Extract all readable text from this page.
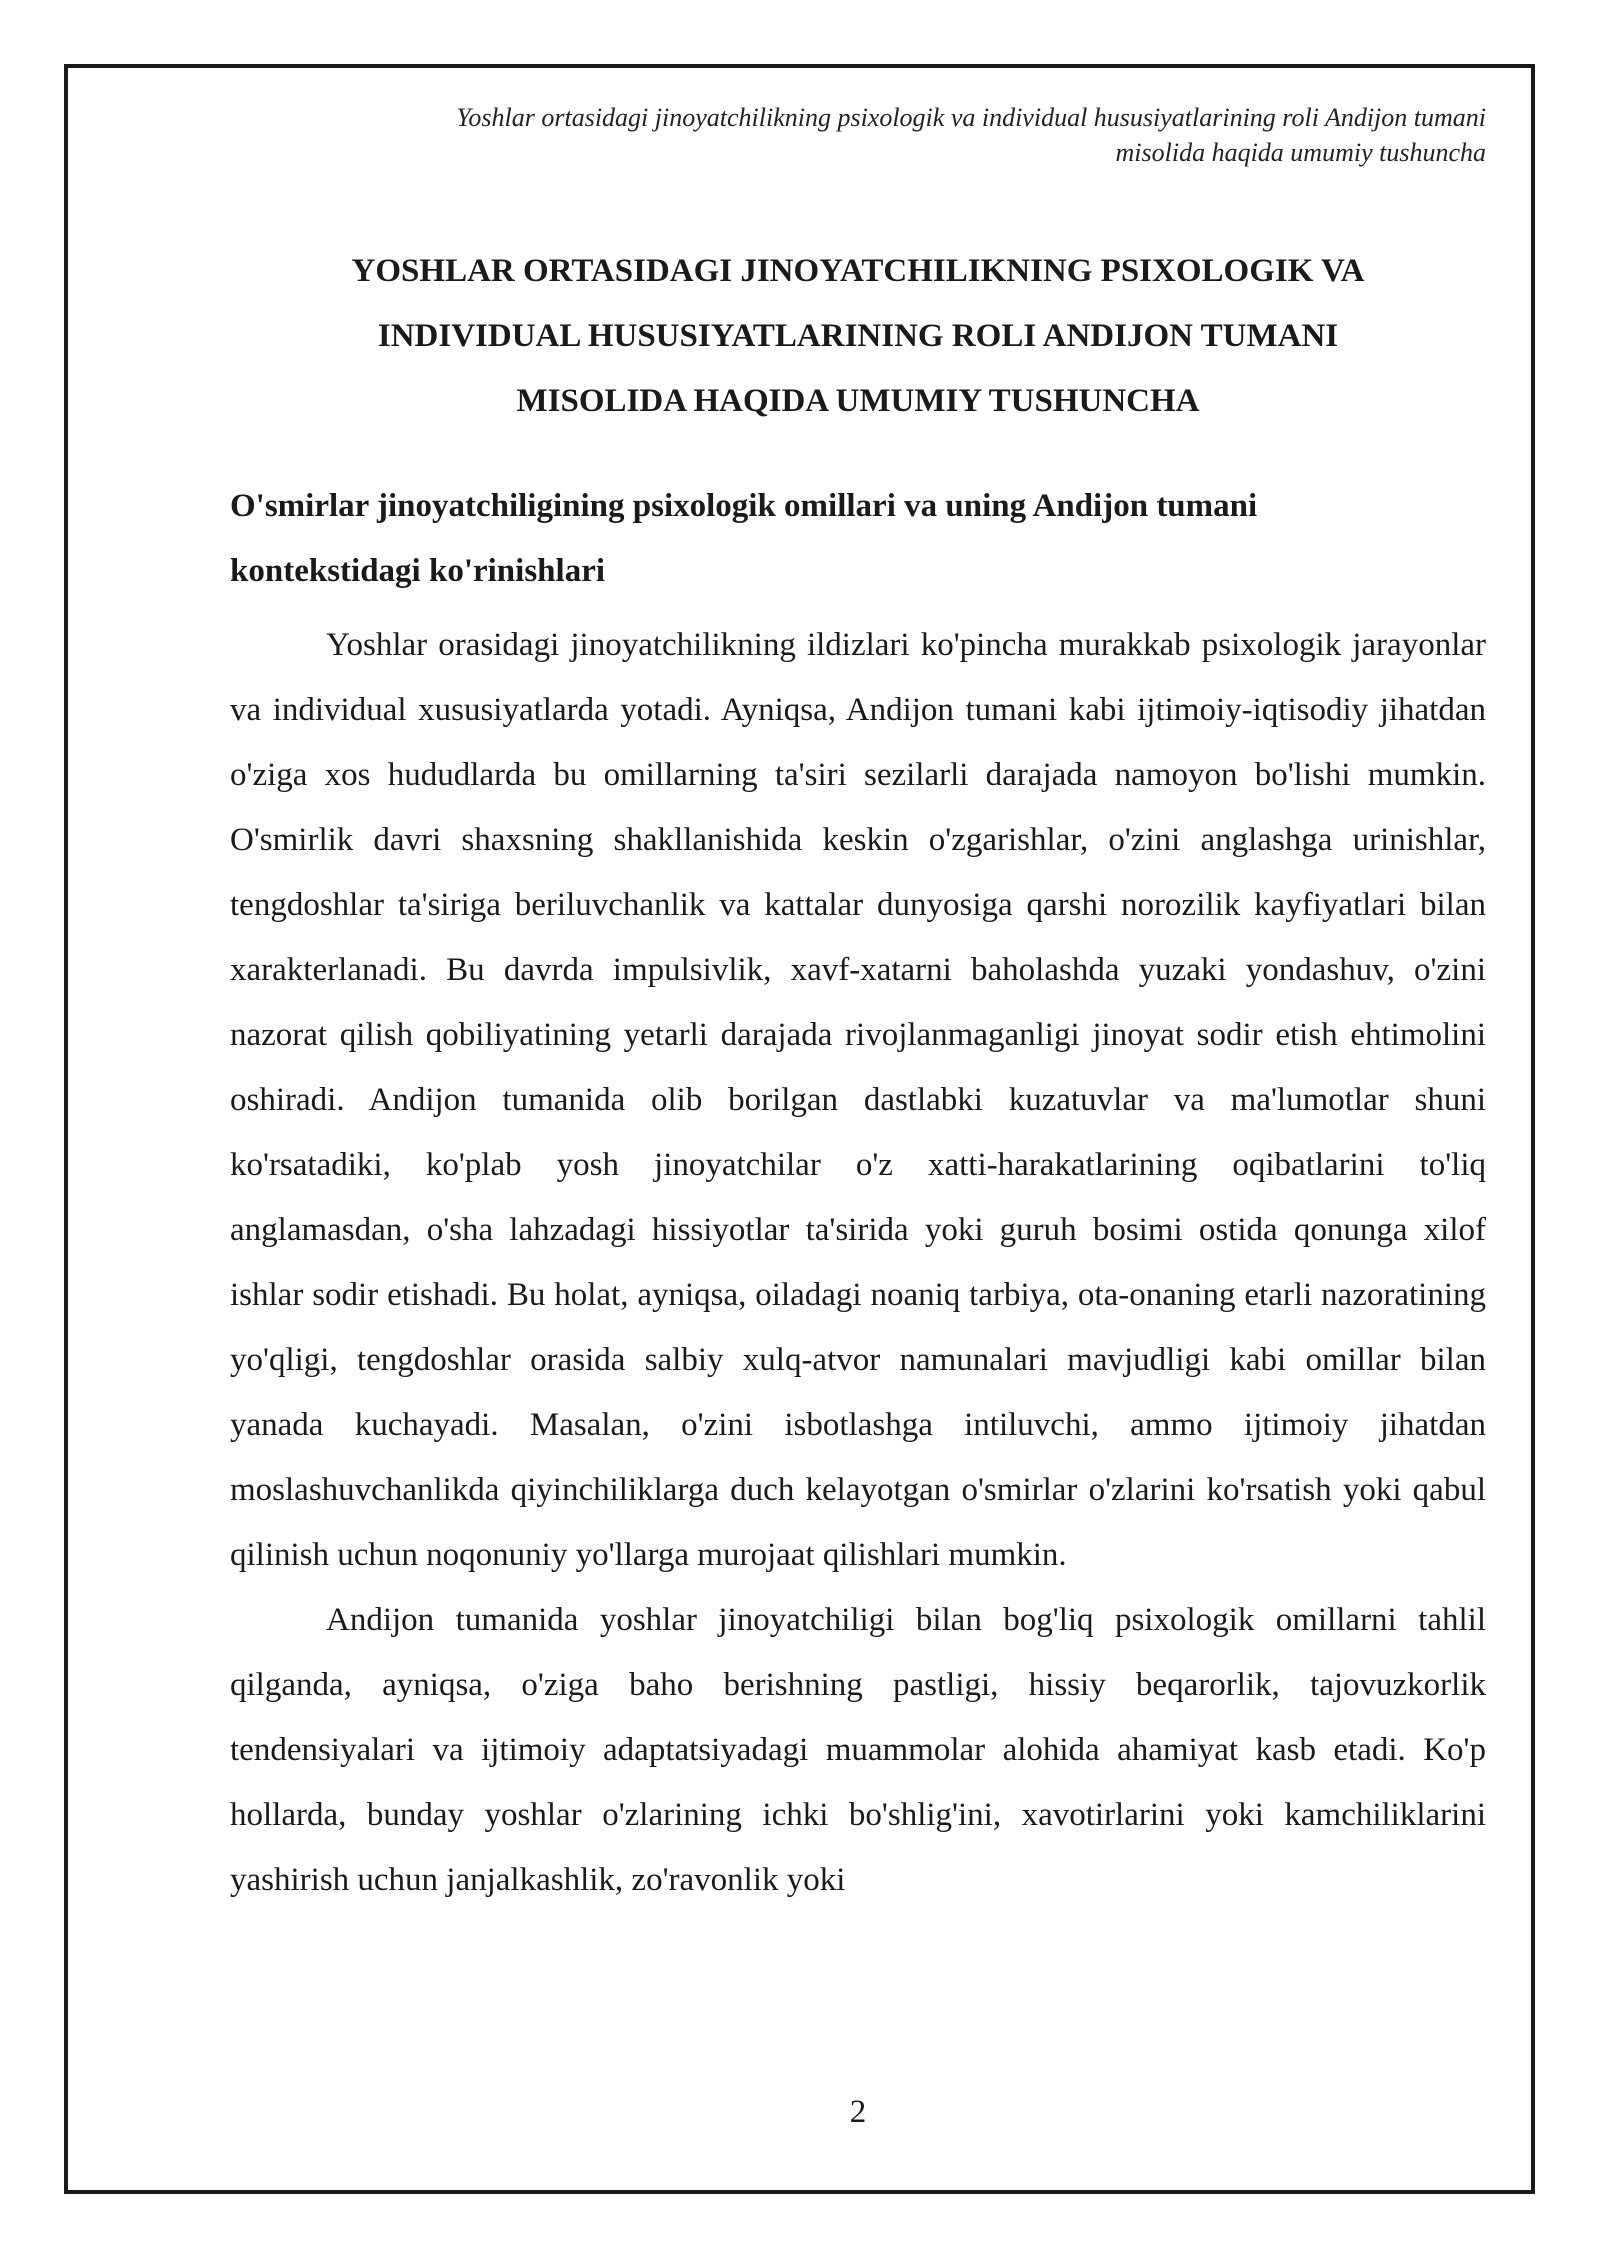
Yoshlar ortasidagi jinoyatchilikning psixologik va individual hususiyatlarining roli Andijon tumani
misolida haqida umumiy tushuncha
YOSHLAR ORTASIDAGI JINOYATCHILIKNING PSIXOLOGIK VA
INDIVIDUAL HUSUSIYATLARINING ROLI ANDIJON TUMANI
MISOLIDA HAQIDA UMUMIY TUSHUNCHA
O'smirlar jinoyatchiligining psixologik omillari va uning Andijon tumani
kontekstidagi ko'rinishlari

Yoshlar orasidagi jinoyatchilikning ildizlari ko'pincha murakkab psixologik jarayonlar va individual xususiyatlarda yotadi. Ayniqsa, Andijon tumani kabi ijtimoiy-iqtisodiy jihatdan o'ziga xos hududlarda bu omillarning ta'siri sezilarli darajada namoyon bo'lishi mumkin. O'smirlik davri shaxsning shakllanishida keskin o'zgarishlar, o'zini anglashga urinishlar, tengdoshlar ta'siriga beriluvchanlik va kattalar dunyosiga qarshi norozilik kayfiyatlari bilan xarakterlanadi. Bu davrda impulsivlik, xavf-xatarni baholashda yuzaki yondashuv, o'zini nazorat qilish qobiliyatining yetarli darajada rivojlanmaganligi jinoyat sodir etish ehtimolini oshiradi. Andijon tumanida olib borilgan dastlabki kuzatuvlar va ma'lumotlar shuni ko'rsatadiki, ko'plab yosh jinoyatchilar o'z xatti-harakatlarining oqibatlarini to'liq anglamasdan, o'sha lahzadagi hissiyotlar ta'sirida yoki guruh bosimi ostida qonunga xilof ishlar sodir etishadi. Bu holat, ayniqsa, oiladagi noaniq tarbiya, ota-onaning etarli nazoratining yo'qligi, tengdoshlar orasida salbiy xulq-atvor namunalari mavjudligi kabi omillar bilan yanada kuchayadi. Masalan, o'zini isbotlashga intiluvchi, ammo ijtimoiy jihatdan moslashuvchanlikda qiyinchiliklarga duch kelayotgan o'smirlar o'zlarini ko'rsatish yoki qabul qilinish uchun noqonuniy yo'llarga murojaat qilishlari mumkin.

Andijon tumanida yoshlar jinoyatchiligi bilan bog'liq psixologik omillarni tahlil qilganda, ayniqsa, o'ziga baho berishning pastligi, hissiy beqarorlik, tajovuzkorlik tendensiyalari va ijtimoiy adaptatsiyadagi muammolar alohida ahamiyat kasb etadi. Ko'p hollarda, bunday yoshlar o'zlarining ichki bo'shlig'ini, xavotirlarini yoki kamchiliklarini yashirish uchun janjalkashlik, zo'ravonlik yoki

2
